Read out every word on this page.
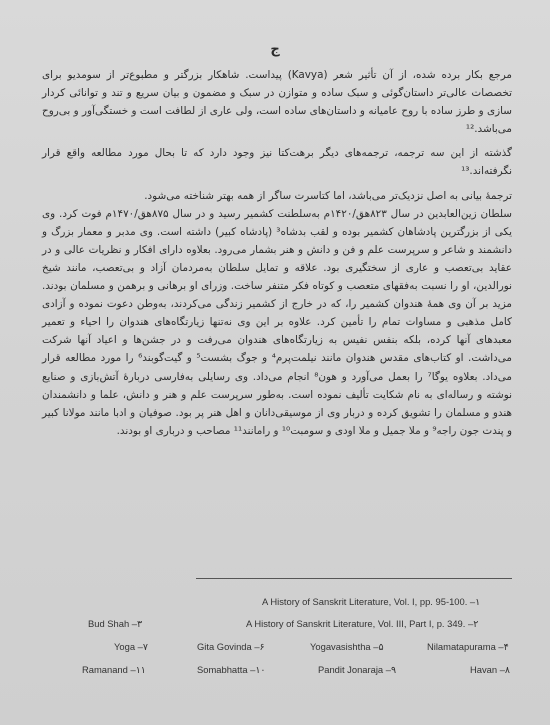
ج

مرجع بکار برده شده، از آن تأثیر شعر (Kavya) پیداست. شاهکار بزرگتر و مطبوع‌تر از سومدیو برای تخصصات عالی‌تر داستان‌گوئی و سبک ساده و متوازن در سبک و مضمون و بیان سریع و تند و توانائی کردار سازی و طرز ساده با روح عامیانه و داستان‌های ساده است، ولی عاری از لطافت است و خستگی‌آور و بی‌روح می‌باشد.¹²

گذشته از این سه ترجمه، ترجمه‌های دیگر برهت‌کتا نیز وجود دارد که تا بحال مورد مطالعه واقع قرار نگرفته‌اند.¹³

ترجمهٔ بیانی به اصل نزدیک‌تر می‌باشد، اما کتاسرت ساگر از همه بهتر شناخته می‌شود.

سلطان زین‌العابدین در سال ۸۲۳هق/۱۴۲۰م به‌سلطنت کشمیر رسید و در سال ۸۷۵هق/۱۴۷۰م فوت کرد. وی یکی از بزرگترین پادشاهان کشمیر بوده و لقب بدشاه³ (پادشاه کبیر) داشته است. وی مدبر و معمار بزرگ و دانشمند و شاعر و سرپرست علم و فن و دانش و هنر بشمار می‌رود. بعلاوه دارای افکار و نظریات عالی و در عقاید بی‌تعصب و عاری از سختگیری بود. علاقه و تمایل سلطان به‌مردمان آزاد و بی‌تعصب، مانند شیخ نورالدین، او را نسبت به‌فقهای متعصب و کوتاه فکر متنفر ساخت. وزرای او برهانی و برهمن و مسلمان بودند. مزید بر آن وی همهٔ هندوان کشمیر را، که در خارج از کشمیر زندگی می‌کردند، به‌وطن دعوت نموده و آزادی کامل مذهبی و مساوات تمام را تأمین کرد. علاوه بر این وی نه‌تنها زیارتگاه‌های هندوان را احیاء و تعمیر معبدهای آنها کرده، بلکه بنفس نفیس به زیارتگاه‌های هندوان می‌رفت و در جشن‌ها و اعیاد آنها شرکت می‌داشت. او کتاب‌های مقدس هندوان مانند نیلمت‌پرم⁴ و جوگ بشست⁵ و گیت‌گوبند⁶ را مورد مطالعه قرار می‌داد. بعلاوه یوگا⁷ را بعمل می‌آورد و هون⁸ انجام می‌داد. وی رسایلی به‌فارسی دربارهٔ آتش‌بازی و صنایع نوشته و رساله‌ای به نام شکایت تألیف نموده است. به‌طور سرپرست علم و هنر و دانش، علما و دانشمندان هندو و مسلمان را تشویق کرده و دربار وی از موسیقی‌دانان و اهل هنر پر بود. صوفیان و ادبا مانند مولانا کبیر و پندت جون راجه⁹ و ملا جمیل و ملا اودی و سومبت¹⁰ و رامانند¹¹ مصاحب و درباری او بودند.

A History of Sanskrit Literature, Vol. I, pp. 95-100. –١
Bud Shah –٣	A History of Sanskrit Literature, Vol. III, Part I, p. 349. –٢
Yoga –٧	Gita Govinda –۶	Yogavasishtha –۵	Nilamatapurama –۴
Ramanand –١١	Somabhatta –١٠	Pandit Jonaraja –٩	Havan –٨
